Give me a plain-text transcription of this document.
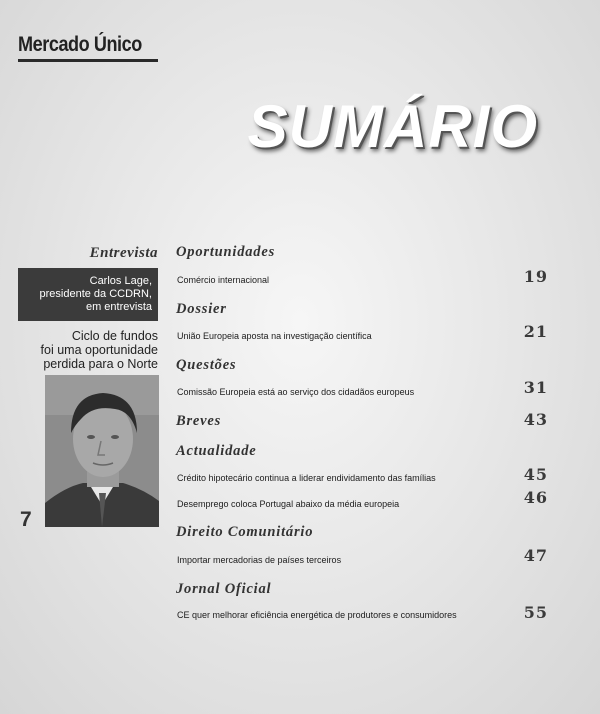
Mercado Único
SUMÁRIO
Entrevista
Carlos Lage,
presidente da CCDRN,
em entrevista
Ciclo de fundos
foi uma oportunidade
perdida para o Norte
7
Oportunidades
Comércio internacional	19
Dossier
União Europeia aposta na investigação científica	21
Questões
Comissão Europeia está ao serviço dos cidadãos europeus	31
Breves	43
Actualidade
Crédito hipotecário continua a liderar endividamento das famílias	45
Desemprego coloca Portugal abaixo da média europeia	46
Direito Comunitário
Importar mercadorias de países terceiros	47
Jornal Oficial
CE quer melhorar eficiência energética de produtores e consumidores	55
